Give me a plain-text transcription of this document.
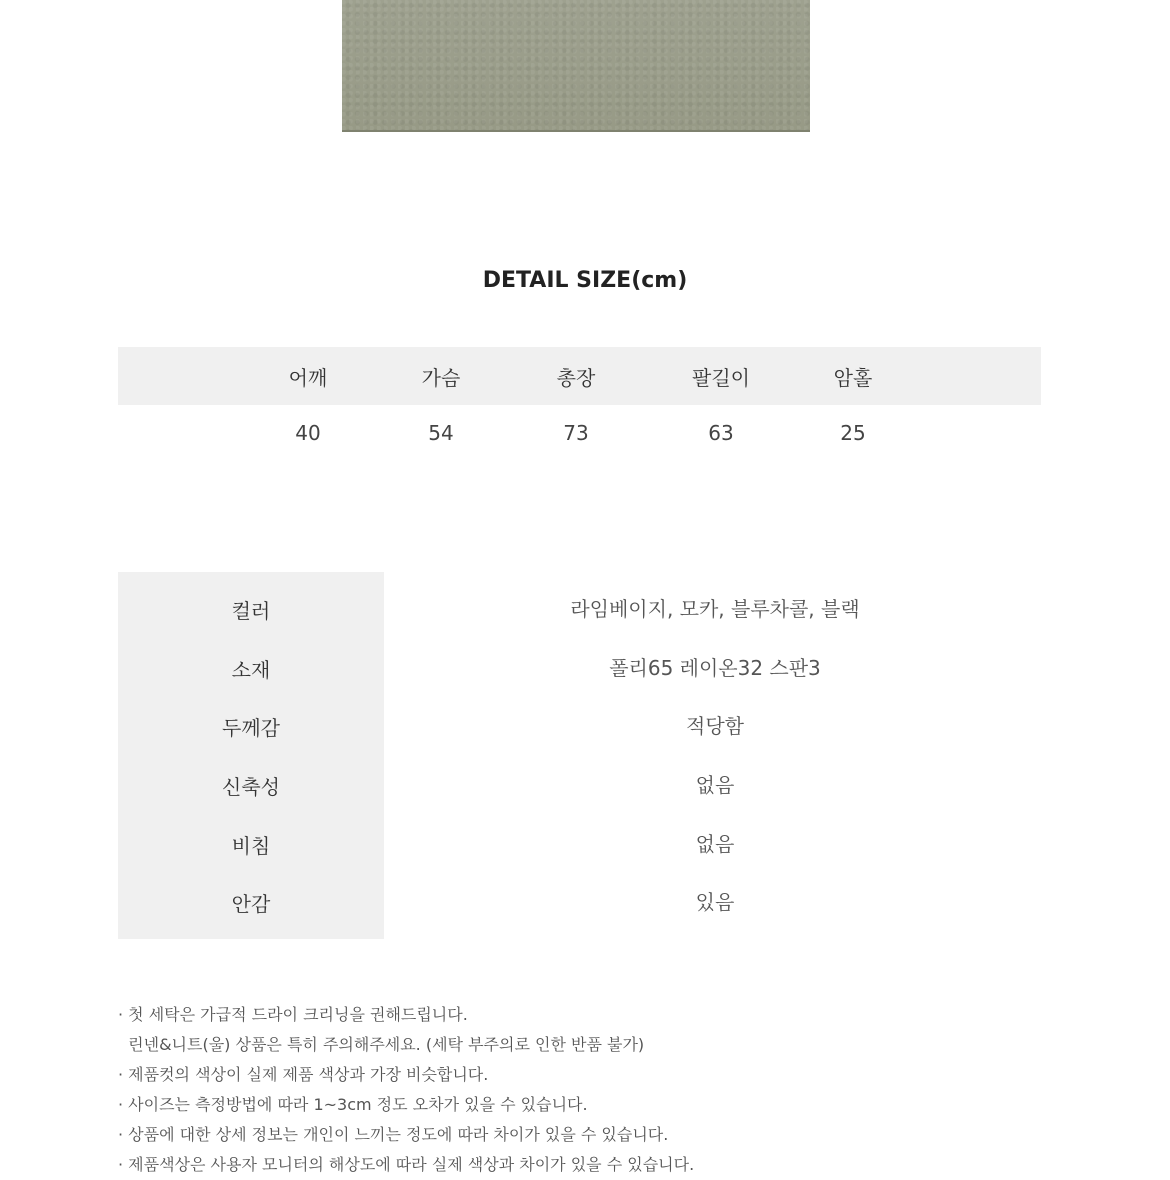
DETAIL SIZE(cm)
어깨	가슴	총장	팔길이	암홀
40	54	73	63	25
컬러	라임베이지, 모카, 블루차콜, 블랙
소재	폴리65 레이온32 스판3
두께감	적당함
신축성	없음
비침	없음
안감	있음
· 첫 세탁은 가급적 드라이 크리닝을 권해드립니다.
린넨&니트(울) 상품은 특히 주의해주세요. (세탁 부주의로 인한 반품 불가)
· 제품컷의 색상이 실제 제품 색상과 가장 비슷합니다.
· 사이즈는 측정방법에 따라 1~3cm 정도 오차가 있을 수 있습니다.
· 상품에 대한 상세 정보는 개인이 느끼는 정도에 따라 차이가 있을 수 있습니다.
· 제품색상은 사용자 모니터의 해상도에 따라 실제 색상과 차이가 있을 수 있습니다.
